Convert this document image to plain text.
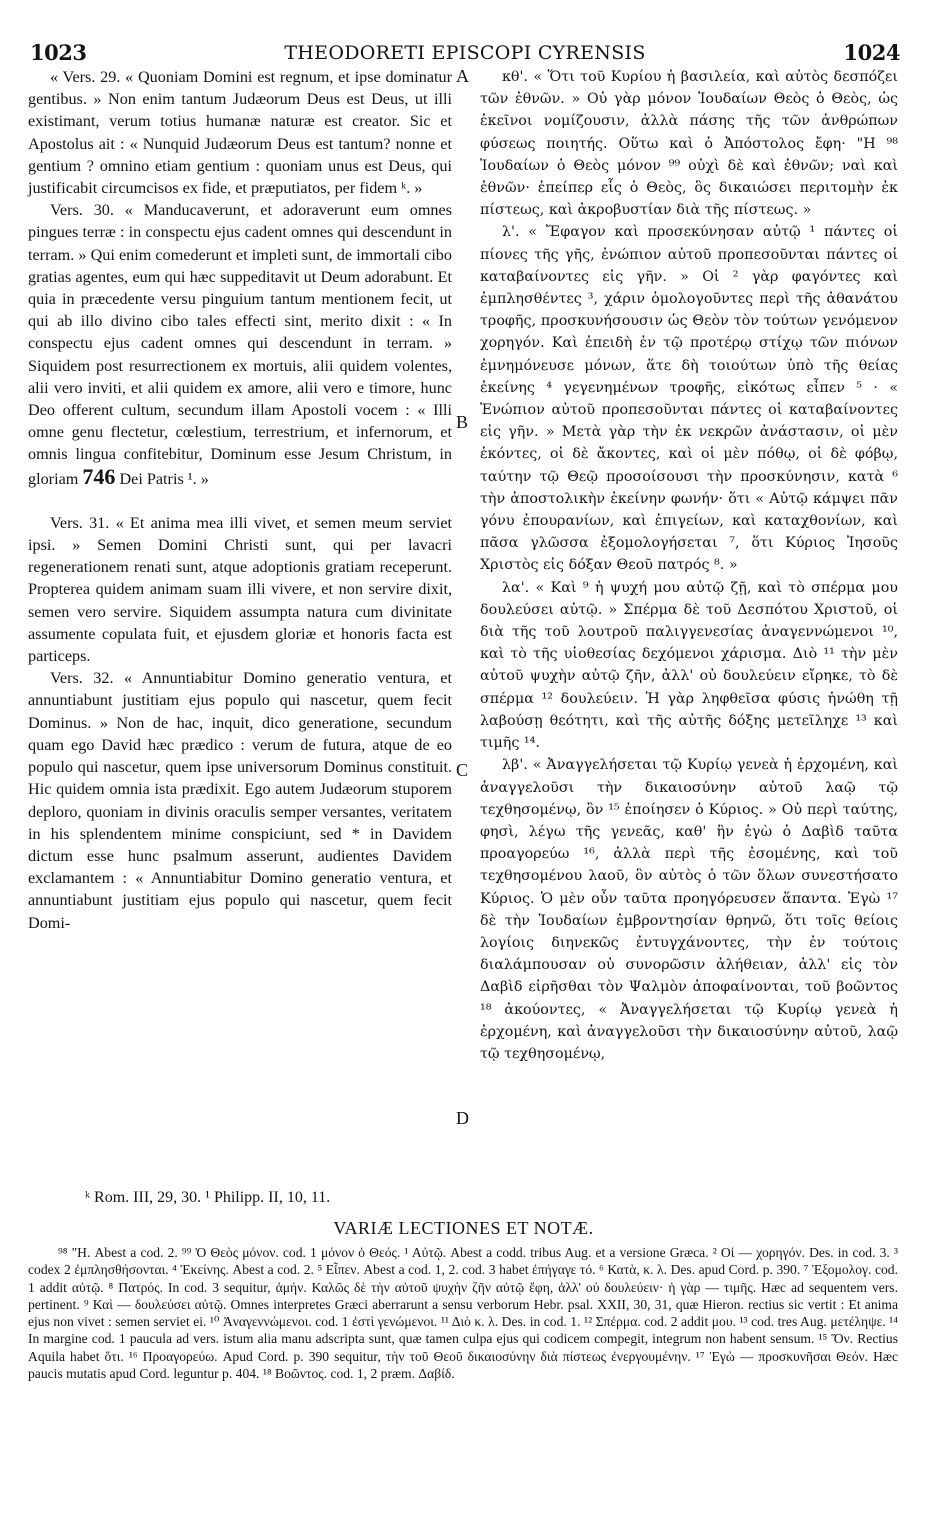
1023	THEODORETI EPISCOPI CYRENSIS	1024

« Vers. 29. « Quoniam Domini est regnum, et ipse dominatur gentibus. » Non enim tantum Judæorum Deus est Deus, ut illi existimant, verum totius humanæ naturæ est creator. Sic et Apostolus ait : « Nunquid Judæorum Deus est tantum? nonne et gentium ? omnino etiam gentium : quoniam unus est Deus, qui justificabit circumcisos ex fide, et præputiatos, per fidem ᵏ. »

Vers. 30. « Manducaverunt, et adoraverunt eum omnes pingues terræ : in conspectu ejus cadent omnes qui descendunt in terram. » Qui enim comederunt et impleti sunt, de immortali cibo gratias agentes, eum qui hæc suppeditavit ut Deum adorabunt. Et quia in præcedente versu pinguium tantum mentionem fecit, ut qui ab illo divino cibo tales effecti sint, merito dixit : « In conspectu ejus cadent omnes qui descendunt in terram. » Siquidem post resurrectionem ex mortuis, alii quidem volentes, alii vero inviti, et alii quidem ex amore, alii vero e timore, hunc Deo offerent cultum, secundum illam Apostoli vocem : « Illi omne genu flectetur, cœlestium, terrestrium, et infernorum, et omnis lingua confitebitur, Dominum esse Jesum Christum, in gloriam 746 Dei Patris ¹. »

Vers. 31. « Et anima mea illi vivet, et semen meum serviet ipsi. » Semen Domini Christi sunt, qui per lavacri regenerationem renati sunt, atque adoptionis gratiam receperunt. Propterea quidem animam suam illi vivere, et non servire dixit, semen vero servire. Siquidem assumpta natura cum divinitate assumente copulata fuit, et ejusdem gloriæ et honoris facta est particeps.

Vers. 32. « Annuntiabitur Domino generatio ventura, et annuntiabunt justitiam ejus populo qui nascetur, quem fecit Dominus. » Non de hac, inquit, dico generatione, secundum quam ego David hæc prædico : verum de futura, atque de eo populo qui nascetur, quem ipse universorum Dominus constituit. Hic quidem omnia ista prædixit. Ego autem Judæorum stuporem deploro, quoniam in divinis oraculis semper versantes, veritatem in his splendentem minime conspiciunt, sed * in Davidem dictum esse hunc psalmum asserunt, audientes Davidem exclamantem : « Annuntiabitur Domino generatio ventura, et annuntiabunt justitiam ejus populo qui nascetur, quem fecit Domi-

A
B
C
D

κθ'. « Ὅτι τοῦ Κυρίου ἡ βασιλεία, καὶ αὐτὸς δεσπόζει τῶν ἐθνῶν. » Οὐ γὰρ μόνον Ἰουδαίων Θεὸς ὁ Θεὸς, ὡς ἐκεῖνοι νομίζουσιν, ἀλλὰ πάσης τῆς τῶν ἀνθρώπων φύσεως ποιητής. Οὕτω καὶ ὁ Ἀπόστολος ἔφη· "Η ⁹⁸ Ἰουδαίων ὁ Θεὸς μόνον ⁹⁹ οὐχὶ δὲ καὶ ἐθνῶν; ναὶ καὶ ἐθνῶν· ἐπείπερ εἷς ὁ Θεὸς, ὃς δικαιώσει περιτομὴν ἐκ πίστεως, καὶ ἀκροβυστίαν διὰ τῆς πίστεως. »

λ'. « Ἔφαγον καὶ προσεκύνησαν αὐτῷ ¹ πάντες οἱ πίονες τῆς γῆς, ἐνώπιον αὐτοῦ προπεσοῦνται πάντες οἱ καταβαίνοντες εἰς γῆν. » Οἱ ² γὰρ φαγόντες καὶ ἐμπλησθέντες ³, χάριν ὁμολογοῦντες περὶ τῆς ἀθανάτου τροφῆς, προσκυνήσουσιν ὡς Θεὸν τὸν τούτων γενόμενον χορηγόν. Καὶ ἐπειδὴ ἐν τῷ προτέρῳ στίχῳ τῶν πιόνων ἐμνημόνευσε μόνων, ἅτε δὴ τοιούτων ὑπὸ τῆς θείας ἐκείνης ⁴ γεγενημένων τροφῆς, εἰκότως εἶπεν ⁵ · « Ἐνώπιον αὐτοῦ προπεσοῦνται πάντες οἱ καταβαίνοντες εἰς γῆν. » Μετὰ γὰρ τὴν ἐκ νεκρῶν ἀνάστασιν, οἱ μὲν ἑκόντες, οἱ δὲ ἄκοντες, καὶ οἱ μὲν πόθῳ, οἱ δὲ φόβῳ, ταύτην τῷ Θεῷ προσοίσουσι τὴν προσκύνησιν, κατὰ ⁶ τὴν ἀποστολικὴν ἐκείνην φωνήν· ὅτι « Αὐτῷ κάμψει πᾶν γόνυ ἐπουρανίων, καὶ ἐπιγείων, καὶ καταχθονίων, καὶ πᾶσα γλῶσσα ἐξομολογήσεται ⁷, ὅτι Κύριος Ἰησοῦς Χριστὸς εἰς δόξαν Θεοῦ πατρός ⁸. »

λα'. « Καὶ ⁹ ἡ ψυχή μου αὐτῷ ζῇ, καὶ τὸ σπέρμα μου δουλεύσει αὐτῷ. » Σπέρμα δὲ τοῦ Δεσπότου Χριστοῦ, οἱ διὰ τῆς τοῦ λουτροῦ παλιγγενεσίας ἀναγεννώμενοι ¹⁰, καὶ τὸ τῆς υἱοθεσίας δεχόμενοι χάρισμα. Διὸ ¹¹ τὴν μὲν αὐτοῦ ψυχὴν αὐτῷ ζῆν, ἀλλ' οὐ δουλεύειν εἴρηκε, τὸ δὲ σπέρμα ¹² δουλεύειν. Ἡ γὰρ ληφθεῖσα φύσις ἡνώθη τῇ λαβούσῃ θεότητι, καὶ τῆς αὐτῆς δόξης μετεῖληχε ¹³ καὶ τιμῆς ¹⁴.

λβ'. « Ἀναγγελήσεται τῷ Κυρίῳ γενεὰ ἡ ἐρχομένη, καὶ ἀναγγελοῦσι τὴν δικαιοσύνην αὐτοῦ λαῷ τῷ τεχθησομένῳ, ὃν ¹⁵ ἐποίησεν ὁ Κύριος. » Οὐ περὶ ταύτης, φησὶ, λέγω τῆς γενεᾶς, καθ' ἣν ἐγὼ ὁ Δαβὶδ ταῦτα προαγορεύω ¹⁶, ἀλλὰ περὶ τῆς ἐσομένης, καὶ τοῦ τεχθησομένου λαοῦ, ὃν αὐτὸς ὁ τῶν ὅλων συνεστήσατο Κύριος. Ὁ μὲν οὖν ταῦτα προηγόρευσεν ἅπαντα. Ἐγὼ ¹⁷ δὲ τὴν Ἰουδαίων ἐμβροντησίαν θρηνῶ, ὅτι τοῖς θείοις λογίοις διηνεκῶς ἐντυγχάνοντες, τὴν ἐν τούτοις διαλάμπουσαν οὐ συνορῶσιν ἀλήθειαν, ἀλλ' εἰς τὸν Δαβὶδ εἰρῆσθαι τὸν Ψαλμὸν ἀποφαίνονται, τοῦ βοῶντος ¹⁸ ἀκούοντες, « Ἀναγγελήσεται τῷ Κυρίῳ γενεὰ ἡ ἐρχομένη, καὶ ἀναγγελοῦσι τὴν δικαιοσύνην αὐτοῦ, λαῷ τῷ τεχθησομένῳ,

ᵏ Rom. III, 29, 30. ¹ Philipp. II, 10, 11.
VARIÆ LECTIONES ET NOTÆ.

⁹⁸ "Η. Abest a cod. 2. ⁹⁹ Ὁ Θεὸς μόνον. cod. 1 μόνον ὁ Θεός. ¹ Αὐτῷ. Abest a codd. tribus Aug. et a versione Græca. ² Οἱ — χορηγόν. Des. in cod. 3. ³ codex 2 ἐμπλησθήσονται. ⁴ Ἐκείνης. Abest a cod. 2. ⁵ Εἶπεν. Abest a cod. 1, 2. cod. 3 habet ἐπήγαγε τό. ⁶ Κατὰ, κ. λ. Des. apud Cord. p. 390. ⁷ Ἐξομολογ. cod. 1 addit αὐτῷ. ⁸ Πατρός. In cod. 3 sequitur, ἀμήν. Καλῶς δὲ τὴν αὐτοῦ ψυχὴν ζῆν αὐτῷ ἔφη, ἀλλ' οὐ δουλεύειν· ἡ γὰρ — τιμῆς. Hæc ad sequentem vers. pertinent. ⁹ Καὶ — δουλεύσει αὐτῷ. Omnes interpretes Græci aberrarunt a sensu verborum Hebr. psal. XXII, 30, 31, quæ Hieron. rectius sic vertit : Et anima ejus non vivet : semen serviet ei. ¹⁰ Ἀναγεννώμενοι. cod. 1 ἐστὶ γενώμενοι. ¹¹ Διὸ κ. λ. Des. in cod. 1. ¹² Σπέρμα. cod. 2 addit μου. ¹³ cod. tres Aug. μετέληψε. ¹⁴ In margine cod. 1 paucula ad vers. istum alia manu adscripta sunt, quæ tamen culpa ejus qui codicem compegit, integrum non habent sensum. ¹⁵ Ὅν. Rectius Aquila habet ὅτι. ¹⁶ Προαγορεύω. Apud Cord. p. 390 sequitur, τὴν τοῦ Θεοῦ δικαιοσύνην διὰ πίστεως ἐνεργουμένην. ¹⁷ Ἐγὼ — προσκυνῆσαι Θεόν. Hæc paucis mutatis apud Cord. leguntur p. 404. ¹⁸ Βοῶντος. cod. 1, 2 præm. Δαβίδ.
